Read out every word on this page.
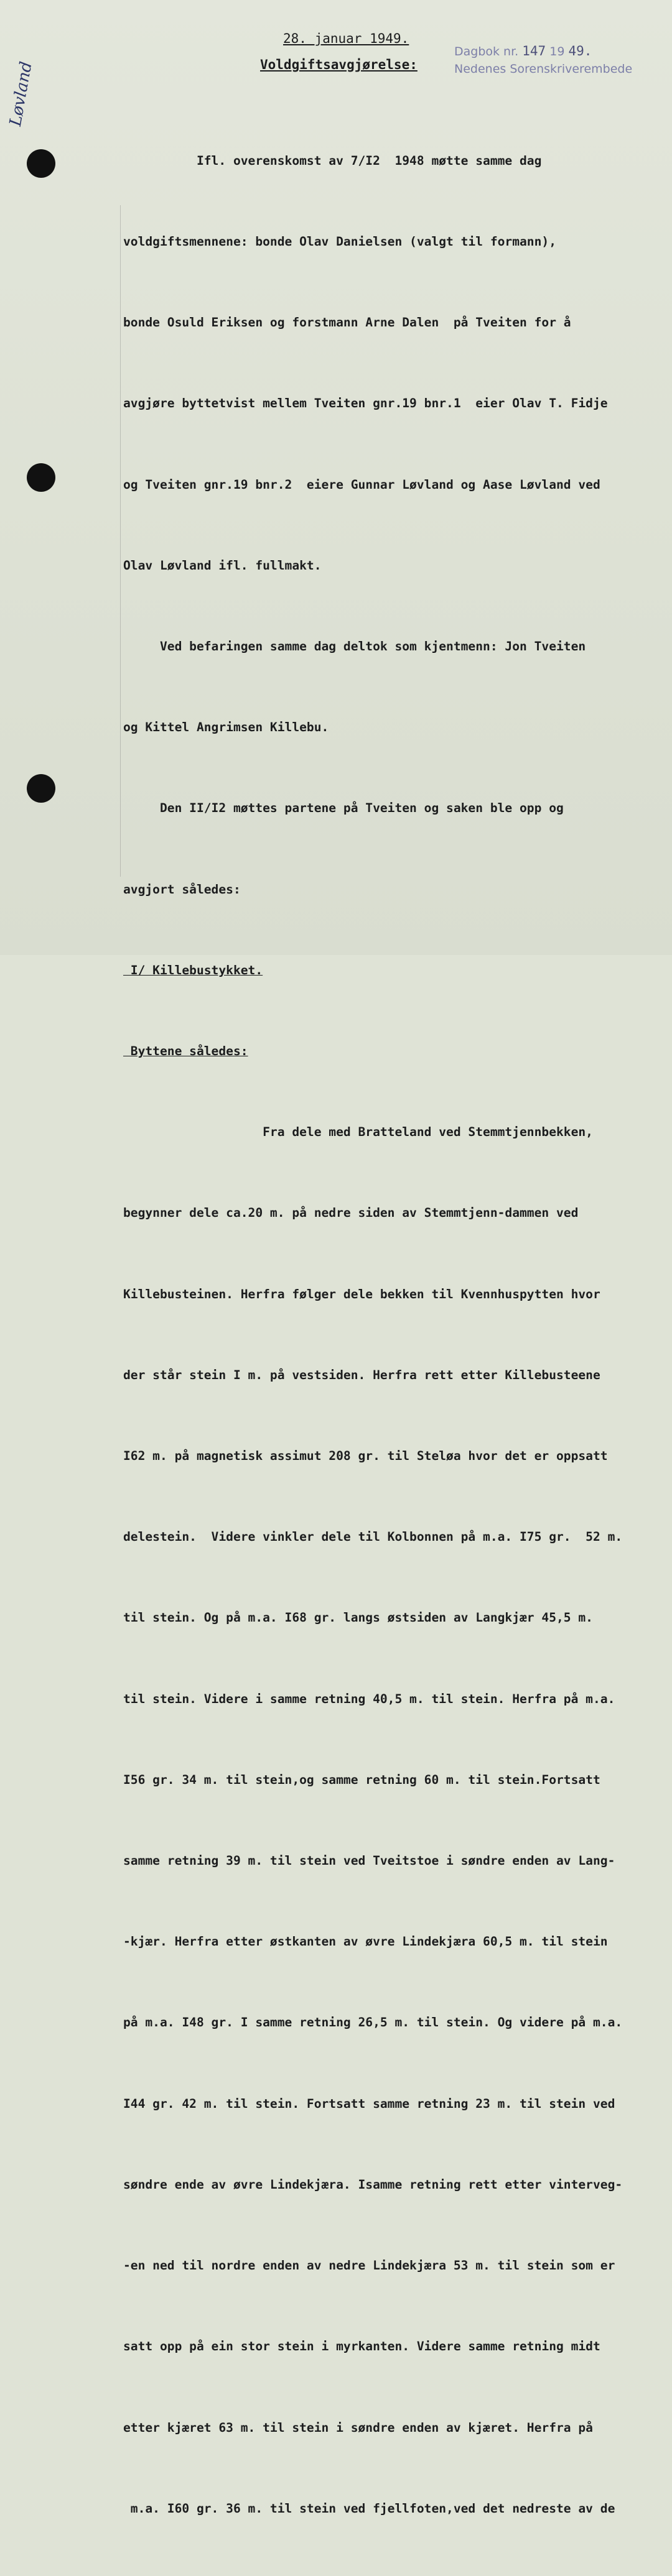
Løvland
Dagbok nr. 147 19 49.
Nedenes Sorenskriverembede
28. januar 1949.
Voldgiftsavgjørelse:

Ifl. overenskomst av 7/I2  1948 møtte samme dag

voldgiftsmennene: bonde Olav Danielsen (valgt til formann),

bonde Osuld Eriksen og forstmann Arne Dalen  på Tveiten for å

avgjøre byttetvist mellem Tveiten gnr.19 bnr.1  eier Olav T. Fidje

og Tveiten gnr.19 bnr.2  eiere Gunnar Løvland og Aase Løvland ved

Olav Løvland ifl. fullmakt.

Ved befaringen samme dag deltok som kjentmenn: Jon Tveiten

og Kittel Angrimsen Killebu.

Den II/I2 møttes partene på Tveiten og saken ble opp og

avgjort således:

I/ Killebustykket.

Byttene således:

Fra dele med Bratteland ved Stemmtjennbekken,

begynner dele ca.20 m. på nedre siden av Stemmtjenn-dammen ved

Killebusteinen. Herfra følger dele bekken til Kvennhuspytten hvor

der står stein I m. på vestsiden. Herfra rett etter Killebusteene

I62 m. på magnetisk assimut 208 gr. til Steløa hvor det er oppsatt

delestein.  Videre vinkler dele til Kolbonnen på m.a. I75 gr.  52 m.

til stein. Og på m.a. I68 gr. langs østsiden av Langkjær 45,5 m.

til stein. Videre i samme retning 40,5 m. til stein. Herfra på m.a.

I56 gr. 34 m. til stein,og samme retning 60 m. til stein.Fortsatt

samme retning 39 m. til stein ved Tveitstoe i søndre enden av Lang-

-kjær. Herfra etter østkanten av øvre Lindekjæra 60,5 m. til stein

på m.a. I48 gr. I samme retning 26,5 m. til stein. Og videre på m.a.

I44 gr. 42 m. til stein. Fortsatt samme retning 23 m. til stein ved

søndre ende av øvre Lindekjæra. Isamme retning rett etter vinterveg-

-en ned til nordre enden av nedre Lindekjæra 53 m. til stein som er

satt opp på ein stor stein i myrkanten. Videre samme retning midt

etter kjæret 63 m. til stein i søndre enden av kjæret. Herfra på

m.a. I60 gr. 36 m. til stein ved fjellfoten,ved det nedreste av de
